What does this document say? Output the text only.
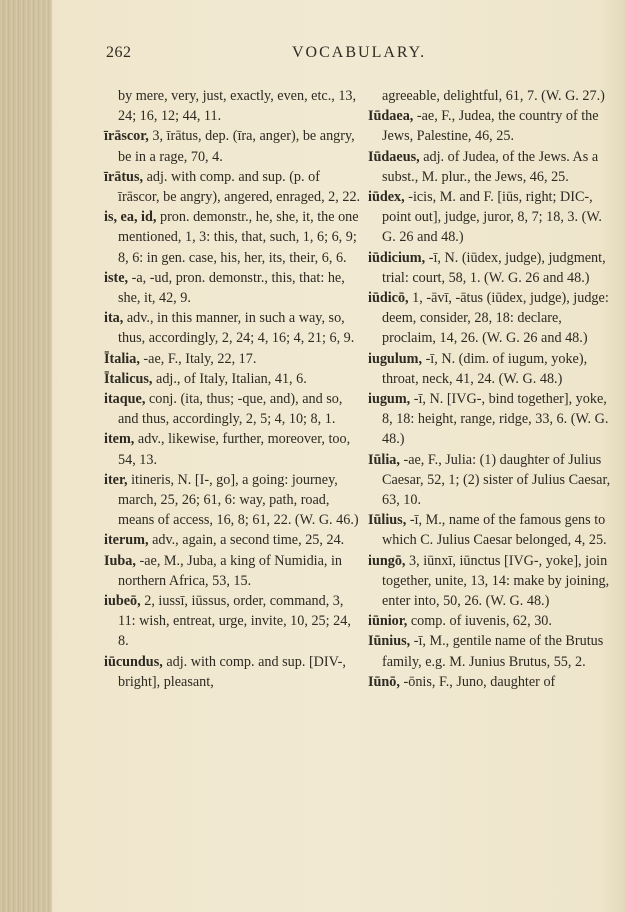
262	VOCABULARY.

by mere, very, just, exactly, even, etc., 13, 24; 16, 12; 44, 11.

īrāscor, 3, īrātus, dep. (īra, anger), be angry, be in a rage, 70, 4.

īrātus, adj. with comp. and sup. (p. of īrāscor, be angry), angered, enraged, 2, 22.

is, ea, id, pron. demonstr., he, she, it, the one mentioned, 1, 3: this, that, such, 1, 6; 6, 9; 8, 6: in gen. case, his, her, its, their, 6, 6.

iste, -a, -ud, pron. demonstr., this, that: he, she, it, 42, 9.

ita, adv., in this manner, in such a way, so, thus, accordingly, 2, 24; 4, 16; 4, 21; 6, 9.

Ītalia, -ae, F., Italy, 22, 17.

Ītalicus, adj., of Italy, Italian, 41, 6.

itaque, conj. (ita, thus; -que, and), and so, and thus, accordingly, 2, 5; 4, 10; 8, 1.

item, adv., likewise, further, moreover, too, 54, 13.

iter, itineris, N. [I-, go], a going: journey, march, 25, 26; 61, 6: way, path, road, means of access, 16, 8; 61, 22. (W. G. 46.)

iterum, adv., again, a second time, 25, 24.

Iuba, -ae, M., Juba, a king of Numidia, in northern Africa, 53, 15.

iubeō, 2, iussī, iūssus, order, command, 3, 11: wish, entreat, urge, invite, 10, 25; 24, 8.

iūcundus, adj. with comp. and sup. [DIV-, bright], pleasant,

agreeable, delightful, 61, 7. (W. G. 27.)

Iūdaea, -ae, F., Judea, the country of the Jews, Palestine, 46, 25.

Iūdaeus, adj. of Judea, of the Jews. As a subst., M. plur., the Jews, 46, 25.

iūdex, -icis, M. and F. [iūs, right; DIC-, point out], judge, juror, 8, 7; 18, 3. (W. G. 26 and 48.)

iūdicium, -ī, N. (iūdex, judge), judgment, trial: court, 58, 1. (W. G. 26 and 48.)

iūdicō, 1, -āvī, -ātus (iūdex, judge), judge: deem, consider, 28, 18: declare, proclaim, 14, 26. (W. G. 26 and 48.)

iugulum, -ī, N. (dim. of iugum, yoke), throat, neck, 41, 24. (W. G. 48.)

iugum, -ī, N. [IVG-, bind together], yoke, 8, 18: height, range, ridge, 33, 6. (W. G. 48.)

Iūlia, -ae, F., Julia: (1) daughter of Julius Caesar, 52, 1; (2) sister of Julius Caesar, 63, 10.

Iūlius, -ī, M., name of the famous gens to which C. Julius Caesar belonged, 4, 25.

iungō, 3, iūnxī, iūnctus [IVG-, yoke], join together, unite, 13, 14: make by joining, enter into, 50, 26. (W. G. 48.)

iūnior, comp. of iuvenis, 62, 30.

Iūnius, -ī, M., gentile name of the Brutus family, e.g. M. Junius Brutus, 55, 2.

Iūnō, -ōnis, F., Juno, daughter of
